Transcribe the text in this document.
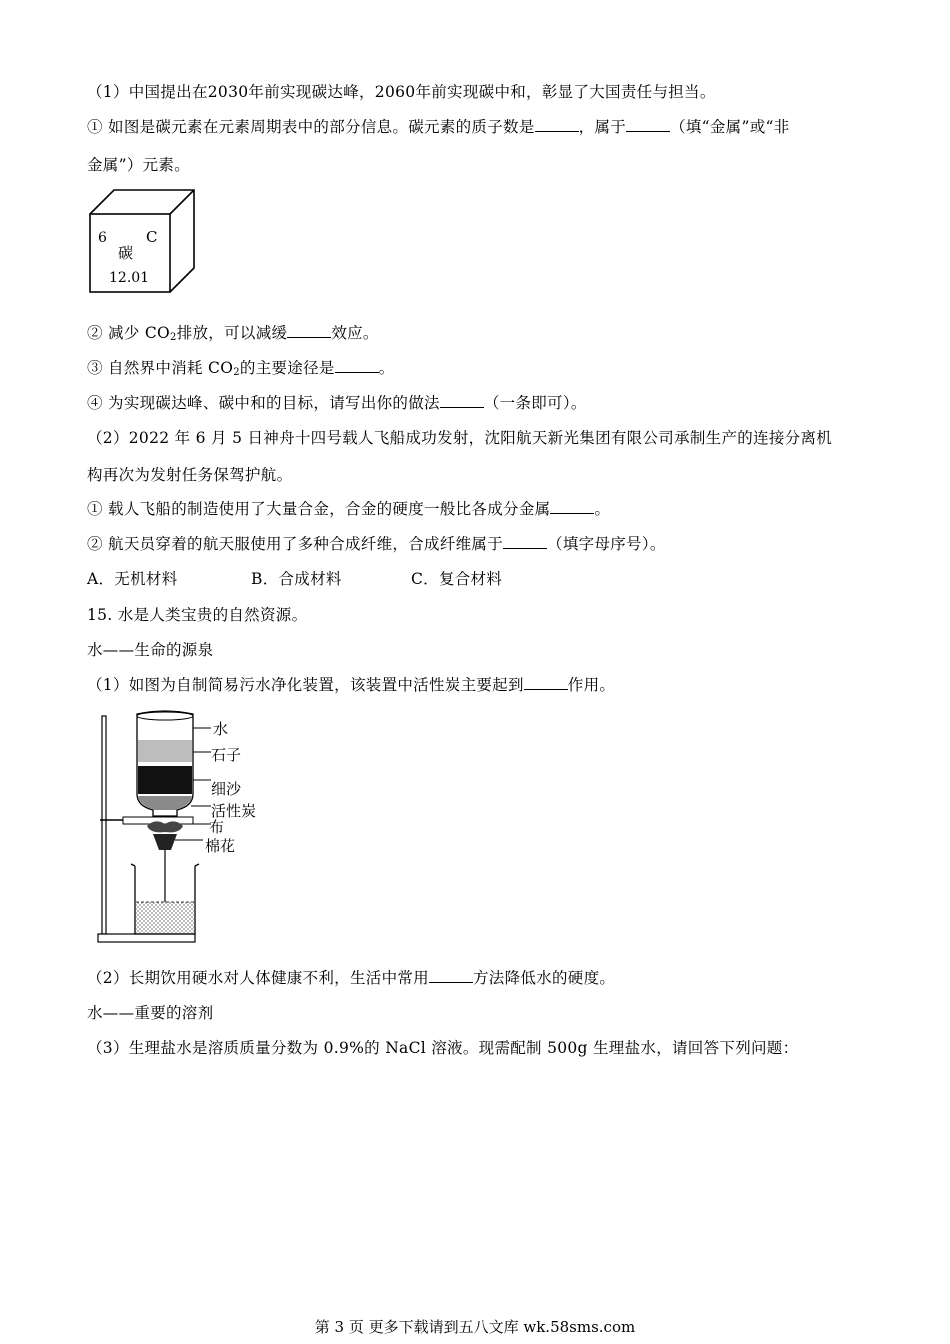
（1）中国提出在2030年前实现碳达峰，2060年前实现碳中和，彰显了大国责任与担当。
① 如图是碳元素在元素周期表中的部分信息。碳元素的质子数是	，属于	（填“金属”或“非
金属”）元素。
6	C
碳
12.01
② 减少 $CO_2$排放，可以减缓	效应。
③ 自然界中消耗 $CO_2$的主要途径是	。
④ 为实现碳达峰、碳中和的目标，请写出你的做法	（一条即可）。
（2）2022 年 6 月 5 日神舟十四号载人飞船成功发射，沈阳航天新光集团有限公司承制生产的连接分离机
构再次为发射任务保驾护航。
① 载人飞船的制造使用了大量合金，合金的硬度一般比各成分金属	。
② 航天员穿着的航天服使用了多种合成纤维，合成纤维属于	（填字母序号）。
A．无机材料	B．合成材料	C．复合材料
15. 水是人类宝贵的自然资源。
水——生命的源泉
（1）如图为自制简易污水净化装置，该装置中活性炭主要起到	作用。
水
石子
细沙
活性炭
布
棉花
（2）长期饮用硬水对人体健康不利，生活中常用	方法降低水的硬度。
水——重要的溶剂
（3）生理盐水是溶质质量分数为 0.9%的 NaCl 溶液。现需配制 500g 生理盐水，请回答下列问题：
第 3 页 更多下载请到五八文库 wk.58sms.com
